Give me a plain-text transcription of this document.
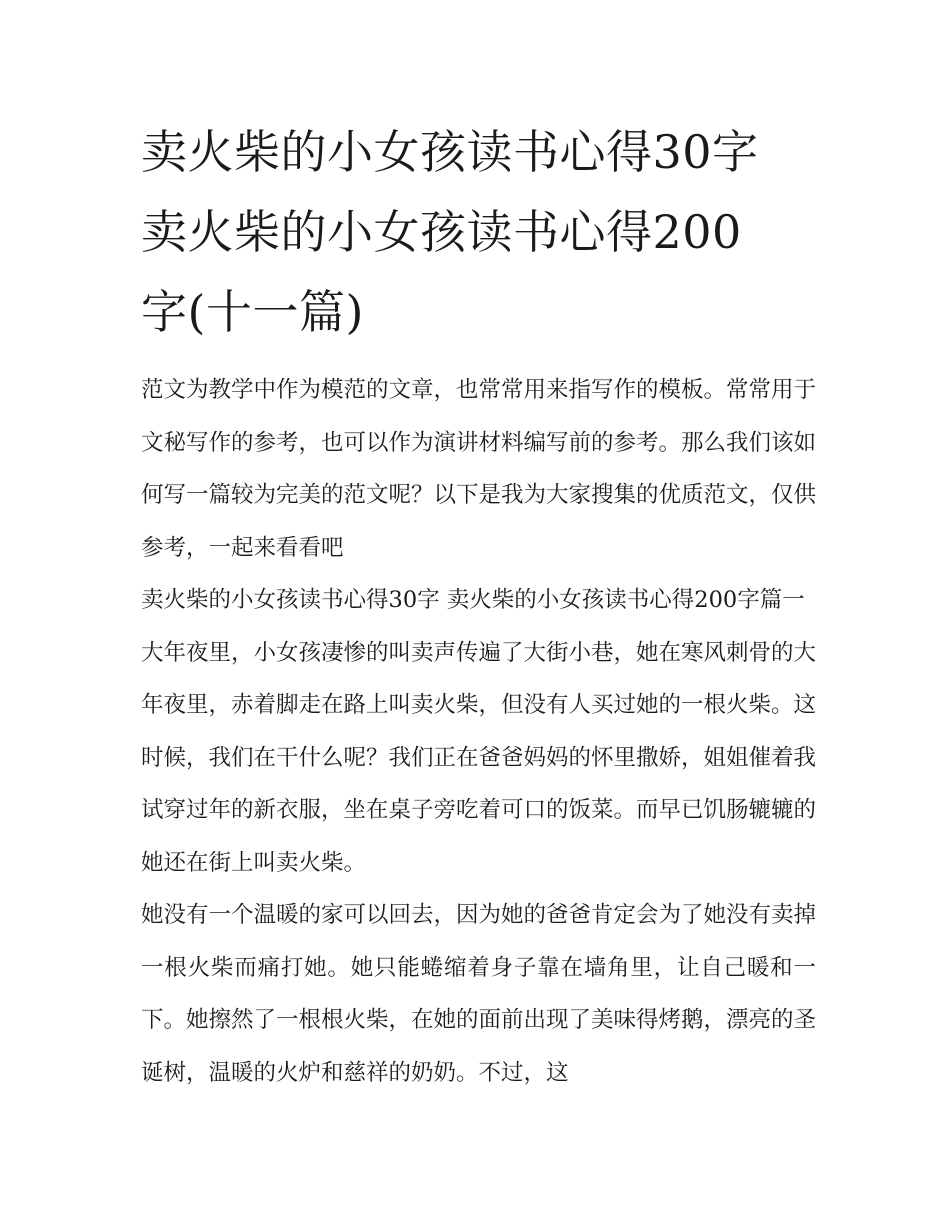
卖火柴的小女孩读书心得30字
卖火柴的小女孩读书心得200
字(十一篇)

范文为教学中作为模范的文章，也常常用来指写作的模板。常常用于文秘写作的参考，也可以作为演讲材料编写前的参考。那么我们该如何写一篇较为完美的范文呢？以下是我为大家搜集的优质范文，仅供参考，一起来看看吧

卖火柴的小女孩读书心得30字 卖火柴的小女孩读书心得200字篇一

大年夜里，小女孩凄惨的叫卖声传遍了大街小巷，她在寒风刺骨的大年夜里，赤着脚走在路上叫卖火柴，但没有人买过她的一根火柴。这时候，我们在干什么呢？我们正在爸爸妈妈的怀里撒娇，姐姐催着我试穿过年的新衣服，坐在桌子旁吃着可口的饭菜。而早已饥肠辘辘的她还在街上叫卖火柴。

她没有一个温暖的家可以回去，因为她的爸爸肯定会为了她没有卖掉一根火柴而痛打她。她只能蜷缩着身子靠在墙角里，让自己暖和一下。她擦然了一根根火柴，在她的面前出现了美味得烤鹅，漂亮的圣诞树，温暖的火炉和慈祥的奶奶。不过，这
